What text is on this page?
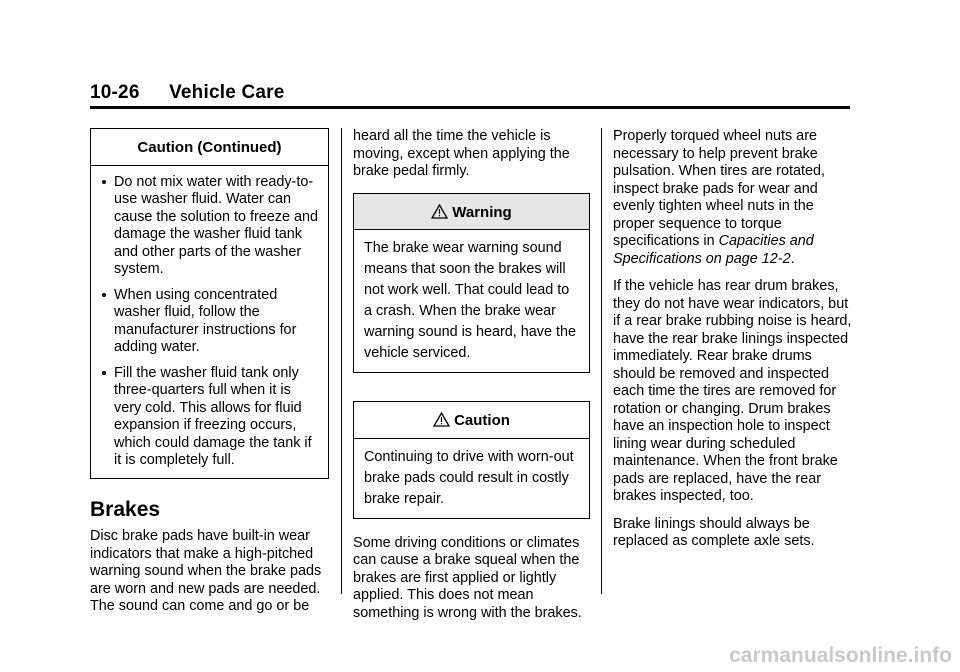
10-26 Vehicle Care
Caution (Continued)
Do not mix water with ready-to-use washer fluid. Water can cause the solution to freeze and damage the washer fluid tank and other parts of the washer system.
When using concentrated washer fluid, follow the manufacturer instructions for adding water.
Fill the washer fluid tank only three-quarters full when it is very cold. This allows for fluid expansion if freezing occurs, which could damage the tank if it is completely full.
Brakes

Disc brake pads have built-in wear indicators that make a high-pitched warning sound when the brake pads are worn and new pads are needed. The sound can come and go or be

heard all the time the vehicle is moving, except when applying the brake pedal firmly.

Warning
The brake wear warning sound means that soon the brakes will not work well. That could lead to a crash. When the brake wear warning sound is heard, have the vehicle serviced.
Caution
Continuing to drive with worn-out brake pads could result in costly brake repair.

Some driving conditions or climates can cause a brake squeal when the brakes are first applied or lightly applied. This does not mean something is wrong with the brakes.

Properly torqued wheel nuts are necessary to help prevent brake pulsation. When tires are rotated, inspect brake pads for wear and evenly tighten wheel nuts in the proper sequence to torque specifications in Capacities and Specifications on page 12-2.

If the vehicle has rear drum brakes, they do not have wear indicators, but if a rear brake rubbing noise is heard, have the rear brake linings inspected immediately. Rear brake drums should be removed and inspected each time the tires are removed for rotation or changing. Drum brakes have an inspection hole to inspect lining wear during scheduled maintenance. When the front brake pads are replaced, have the rear brakes inspected, too.

Brake linings should always be replaced as complete axle sets.

carmanualsonline.info
